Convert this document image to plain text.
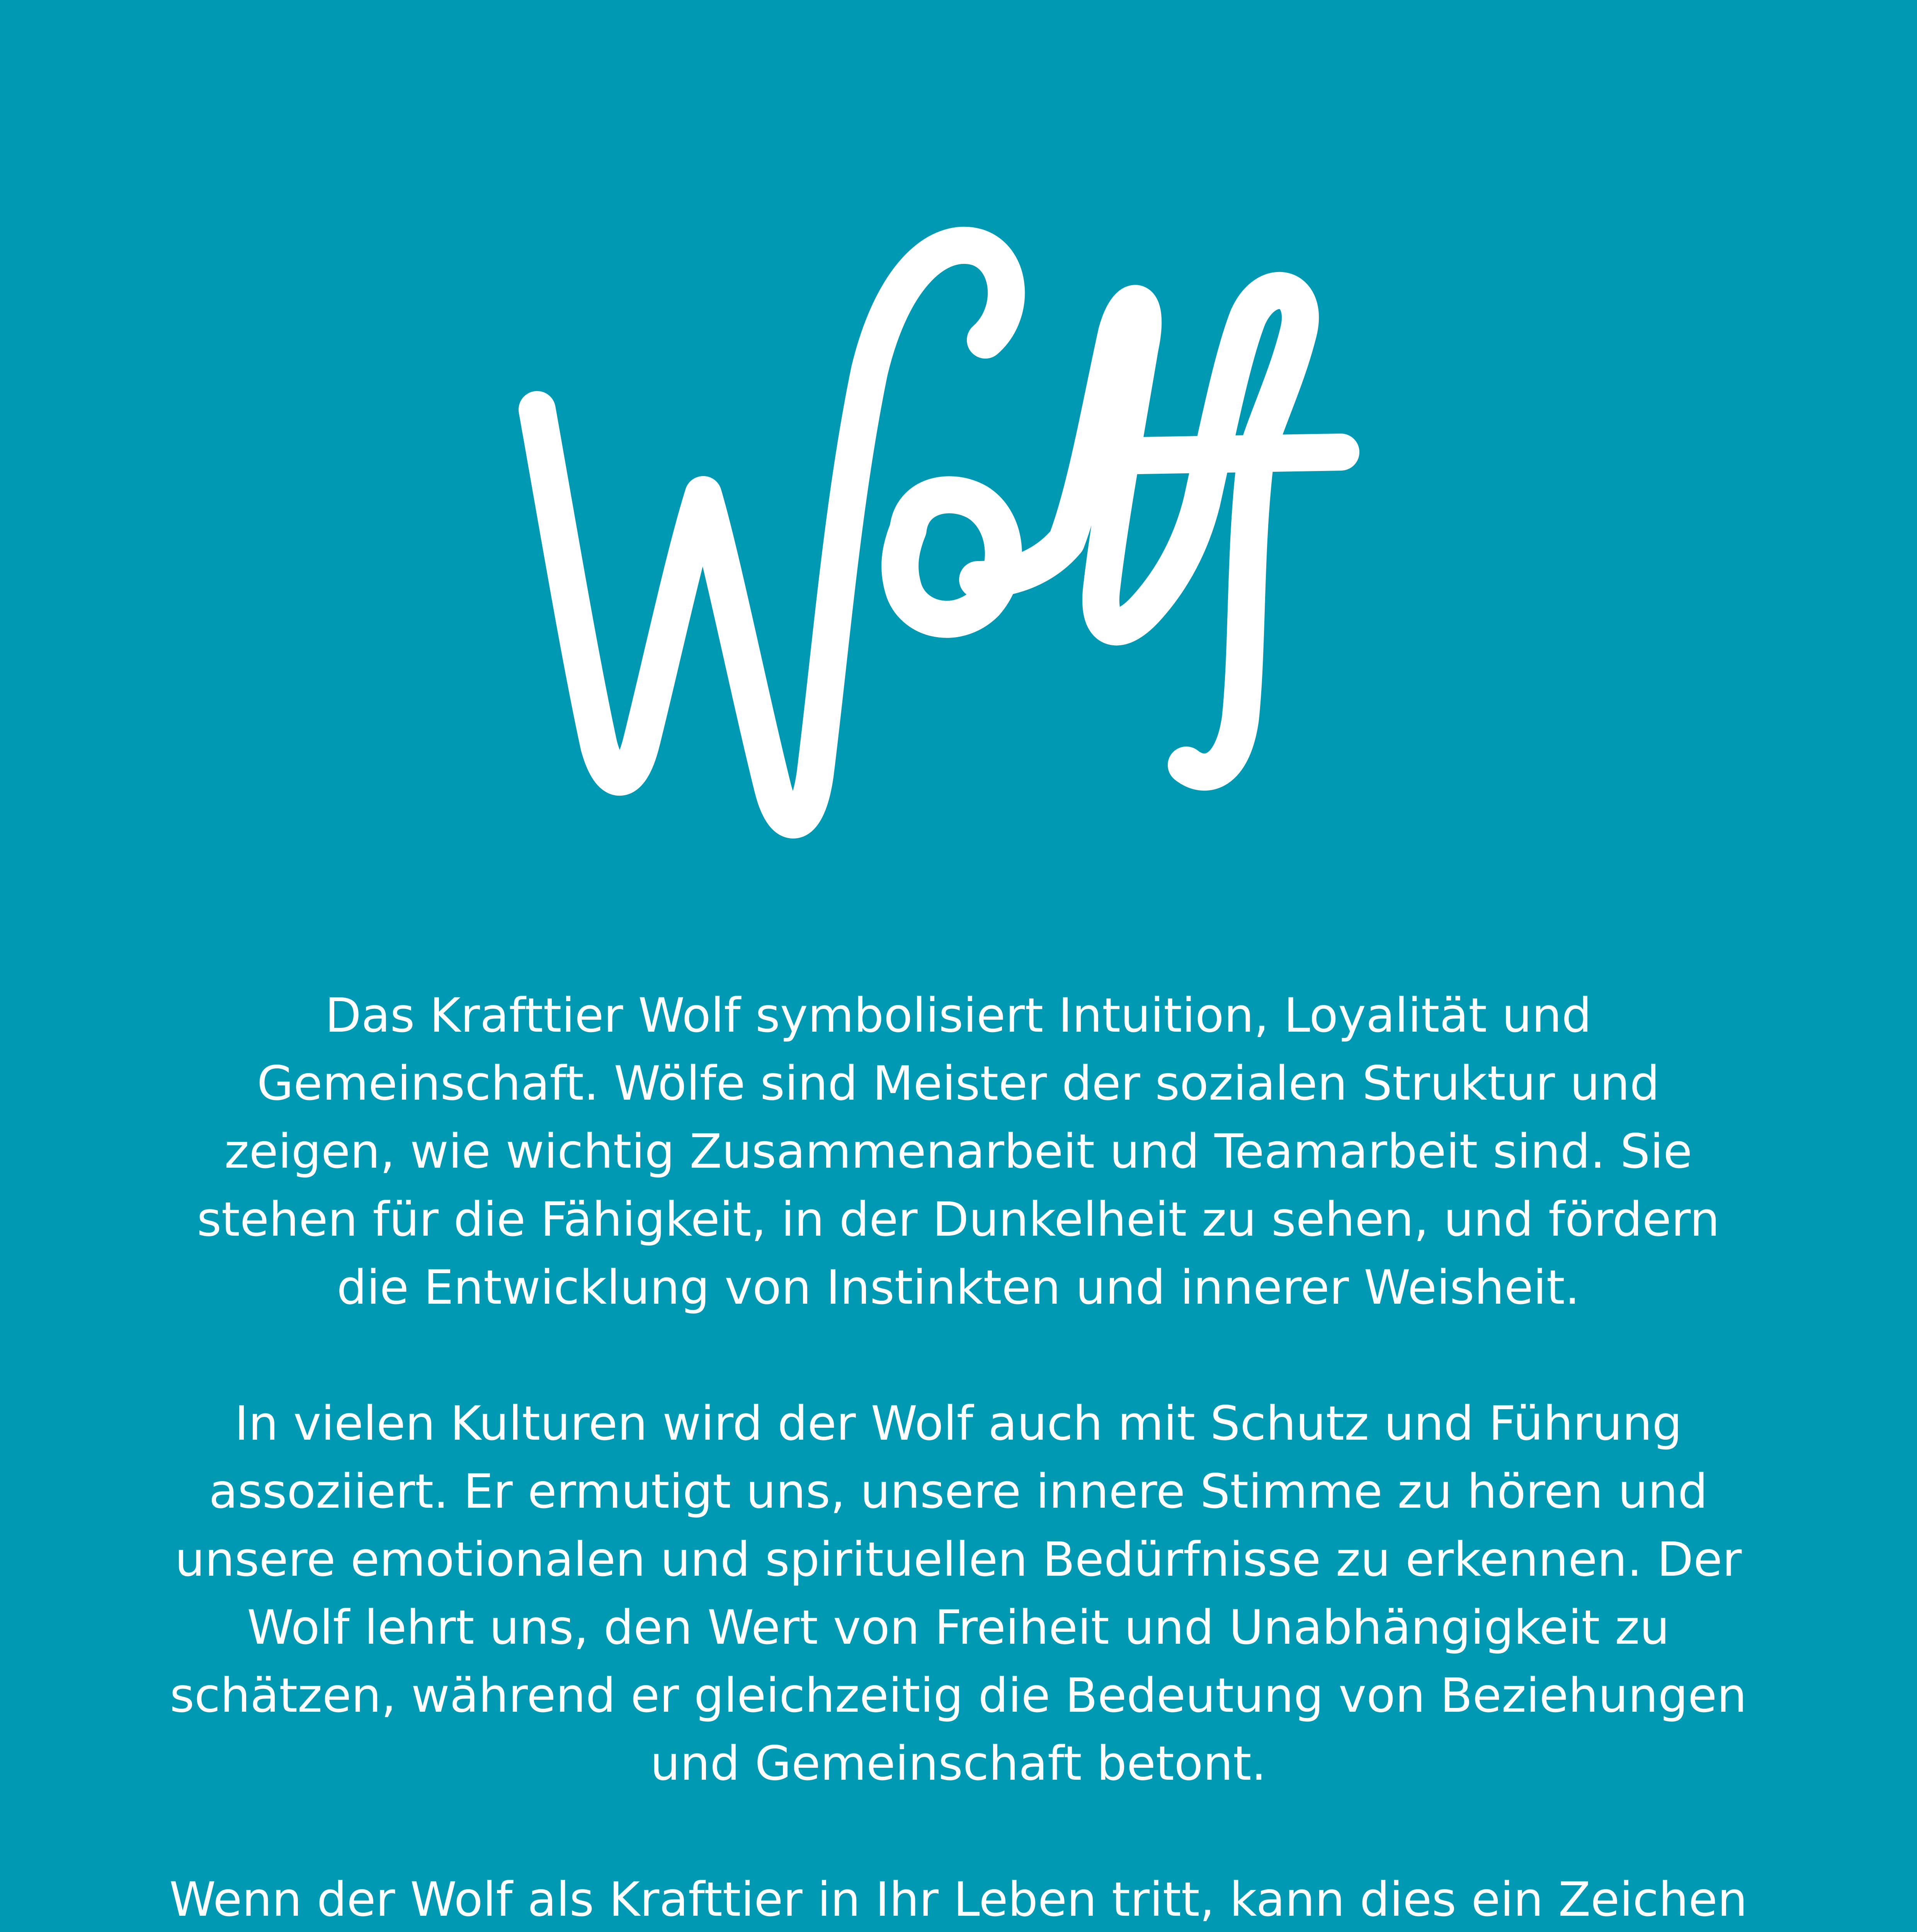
Das Krafttier Wolf symbolisiert Intuition, Loyalität und
Gemeinschaft. Wölfe sind Meister der sozialen Struktur und
zeigen, wie wichtig Zusammenarbeit und Teamarbeit sind. Sie
stehen für die Fähigkeit, in der Dunkelheit zu sehen, und fördern
die Entwicklung von Instinkten und innerer Weisheit.

In vielen Kulturen wird der Wolf auch mit Schutz und Führung
assoziiert. Er ermutigt uns, unsere innere Stimme zu hören und
unsere emotionalen und spirituellen Bedürfnisse zu erkennen. Der
Wolf lehrt uns, den Wert von Freiheit und Unabhängigkeit zu
schätzen, während er gleichzeitig die Bedeutung von Beziehungen
und Gemeinschaft betont.

Wenn der Wolf als Krafttier in Ihr Leben tritt, kann dies ein Zeichen
